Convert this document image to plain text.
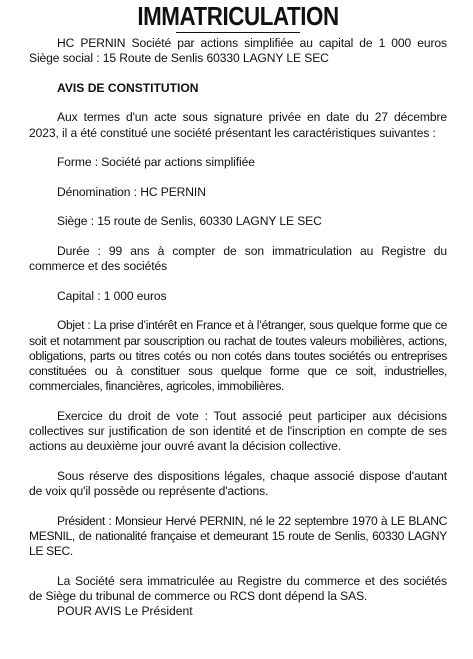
IMMATRICULATION

HC PERNIN Société par actions simplifiée au capital de 1 000 euros Siège social : 15 Route de Senlis 60330 LAGNY LE SEC

AVIS DE CONSTITUTION

Aux termes d'un acte sous signature privée en date du 27 décembre 2023, il a été constitué une société présentant les caractéristiques suivantes :

Forme : Société par actions simplifiée

Dénomination : HC PERNIN

Siège : 15 route de Senlis, 60330 LAGNY LE SEC

Durée : 99 ans à compter de son immatriculation au Registre du commerce et des sociétés

Capital : 1 000 euros

Objet : La prise d’intérêt en France et à l’étranger, sous quelque forme que ce soit et notamment par souscription ou rachat de toutes valeurs mobilières, actions, obligations, parts ou titres cotés ou non cotés dans toutes sociétés ou entreprises constituées ou à constituer sous quelque forme que ce soit, industrielles, commerciales, financières, agricoles, immobilières.

Exercice du droit de vote : Tout associé peut participer aux décisions collectives sur justification de son identité et de l'inscription en compte de ses actions au deuxième jour ouvré avant la décision collective.

Sous réserve des dispositions légales, chaque associé dispose d'autant de voix qu'il possède ou représente d'actions.

Président : Monsieur Hervé PERNIN, né le 22 septembre 1970 à LE BLANC MESNIL, de nationalité française et demeurant 15 route de Senlis, 60330 LAGNY LE SEC.

La Société sera immatriculée au Registre du commerce et des sociétés de Siège du tribunal de commerce ou RCS dont dépend la SAS.

POUR AVIS Le Président
